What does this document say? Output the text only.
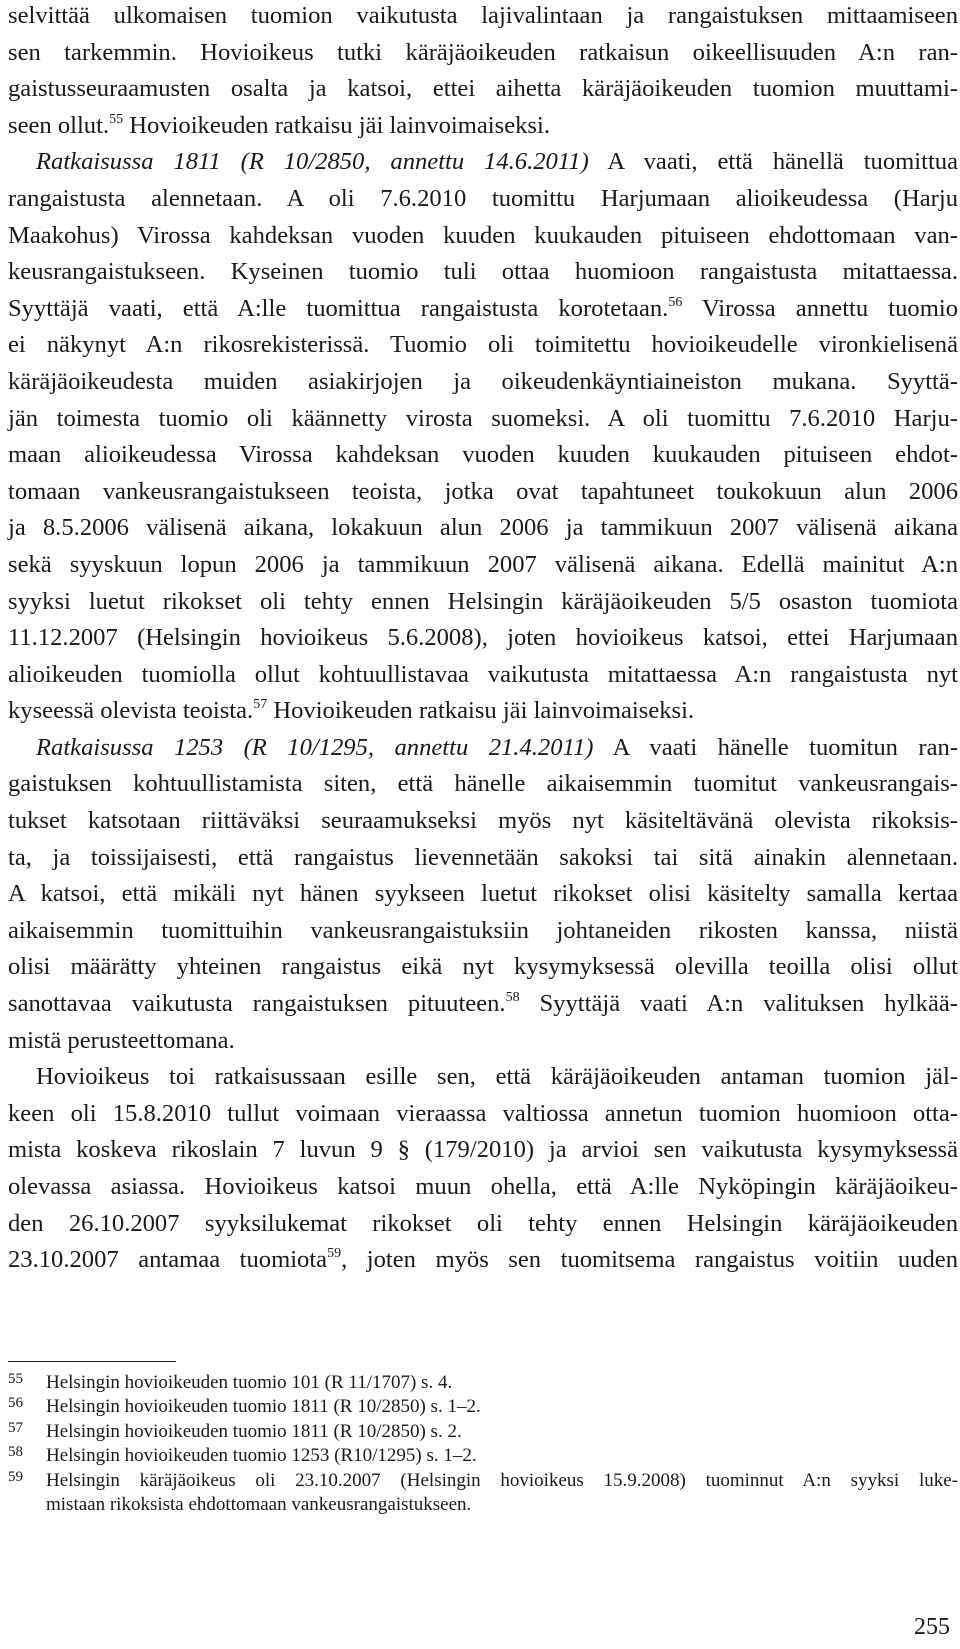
selvittää ulkomaisen tuomion vaikutusta lajivalintaan ja rangaistuksen mittaamiseen
sen tarkemmin. Hovioikeus tutki käräjäoikeuden ratkaisun oikeellisuuden A:n ran-
gaistusseuraamusten osalta ja katsoi, ettei aihetta käräjäoikeuden tuomion muuttami-
seen ollut.$^{55}$ Hovioikeuden ratkaisu jäi lainvoimaiseksi.
Ratkaisussa 1811 (R 10/2850, annettu 14.6.2011) A vaati, että hänellä tuomittua
rangaistusta alennetaan. A oli 7.6.2010 tuomittu Harjumaan alioikeudessa (Harju
Maakohus) Virossa kahdeksan vuoden kuuden kuukauden pituiseen ehdottomaan van-
keusrangaistukseen. Kyseinen tuomio tuli ottaa huomioon rangaistusta mitattaessa.
Syyttäjä vaati, että A:lle tuomittua rangaistusta korotetaan.$^{56}$ Virossa annettu tuomio
ei näkynyt A:n rikosrekisterissä. Tuomio oli toimitettu hovioikeudelle vironkielisenä
käräjäoikeudesta muiden asiakirjojen ja oikeudenkäyntiaineiston mukana. Syyttä-
jän toimesta tuomio oli käännetty virosta suomeksi. A oli tuomittu 7.6.2010 Harju-
maan alioikeudessa Virossa kahdeksan vuoden kuuden kuukauden pituiseen ehdot-
tomaan vankeusrangaistukseen teoista, jotka ovat tapahtuneet toukokuun alun 2006
ja 8.5.2006 välisenä aikana, lokakuun alun 2006 ja tammikuun 2007 välisenä aikana
sekä syyskuun lopun 2006 ja tammikuun 2007 välisenä aikana. Edellä mainitut A:n
syyksi luetut rikokset oli tehty ennen Helsingin käräjäoikeuden 5/5 osaston tuomiota
11.12.2007 (Helsingin hovioikeus 5.6.2008), joten hovioikeus katsoi, ettei Harjumaan
alioikeuden tuomiolla ollut kohtuullistavaa vaikutusta mitattaessa A:n rangaistusta nyt
kyseessä olevista teoista.$^{57}$ Hovioikeuden ratkaisu jäi lainvoimaiseksi.
Ratkaisussa 1253 (R 10/1295, annettu 21.4.2011) A vaati hänelle tuomitun ran-
gaistuksen kohtuullistamista siten, että hänelle aikaisemmin tuomitut vankeusrangais-
tukset katsotaan riittäväksi seuraamukseksi myös nyt käsiteltävänä olevista rikoksis-
ta, ja toissijaisesti, että rangaistus lievennetään sakoksi tai sitä ainakin alennetaan.
A katsoi, että mikäli nyt hänen syykseen luetut rikokset olisi käsitelty samalla kertaa
aikaisemmin tuomittuihin vankeusrangaistuksiin johtaneiden rikosten kanssa, niistä
olisi määrätty yhteinen rangaistus eikä nyt kysymyksessä olevilla teoilla olisi ollut
sanottavaa vaikutusta rangaistuksen pituuteen.$^{58}$ Syyttäjä vaati A:n valituksen hylkää-
mistä perusteettomana.
Hovioikeus toi ratkaisussaan esille sen, että käräjäoikeuden antaman tuomion jäl-
keen oli 15.8.2010 tullut voimaan vieraassa valtiossa annetun tuomion huomioon otta-
mista koskeva rikoslain 7 luvun 9 § (179/2010) ja arvioi sen vaikutusta kysymyksessä
olevassa asiassa. Hovioikeus katsoi muun ohella, että A:lle Nyköpingin käräjäoikeu-
den 26.10.2007 syyksilukemat rikokset oli tehty ennen Helsingin käräjäoikeuden
23.10.2007 antamaa tuomiota$^{59}$, joten myös sen tuomitsema rangaistus voitiin uuden
55 Helsingin hovioikeuden tuomio 101 (R 11/1707) s. 4.
56 Helsingin hovioikeuden tuomio 1811 (R 10/2850) s. 1–2.
57 Helsingin hovioikeuden tuomio 1811 (R 10/2850) s. 2.
58 Helsingin hovioikeuden tuomio 1253 (R10/1295) s. 1–2.
59 Helsingin käräjäoikeus oli 23.10.2007 (Helsingin hovioikeus 15.9.2008) tuominnut A:n syyksi luke-
mistaan rikoksista ehdottomaan vankeusrangaistukseen.
255
